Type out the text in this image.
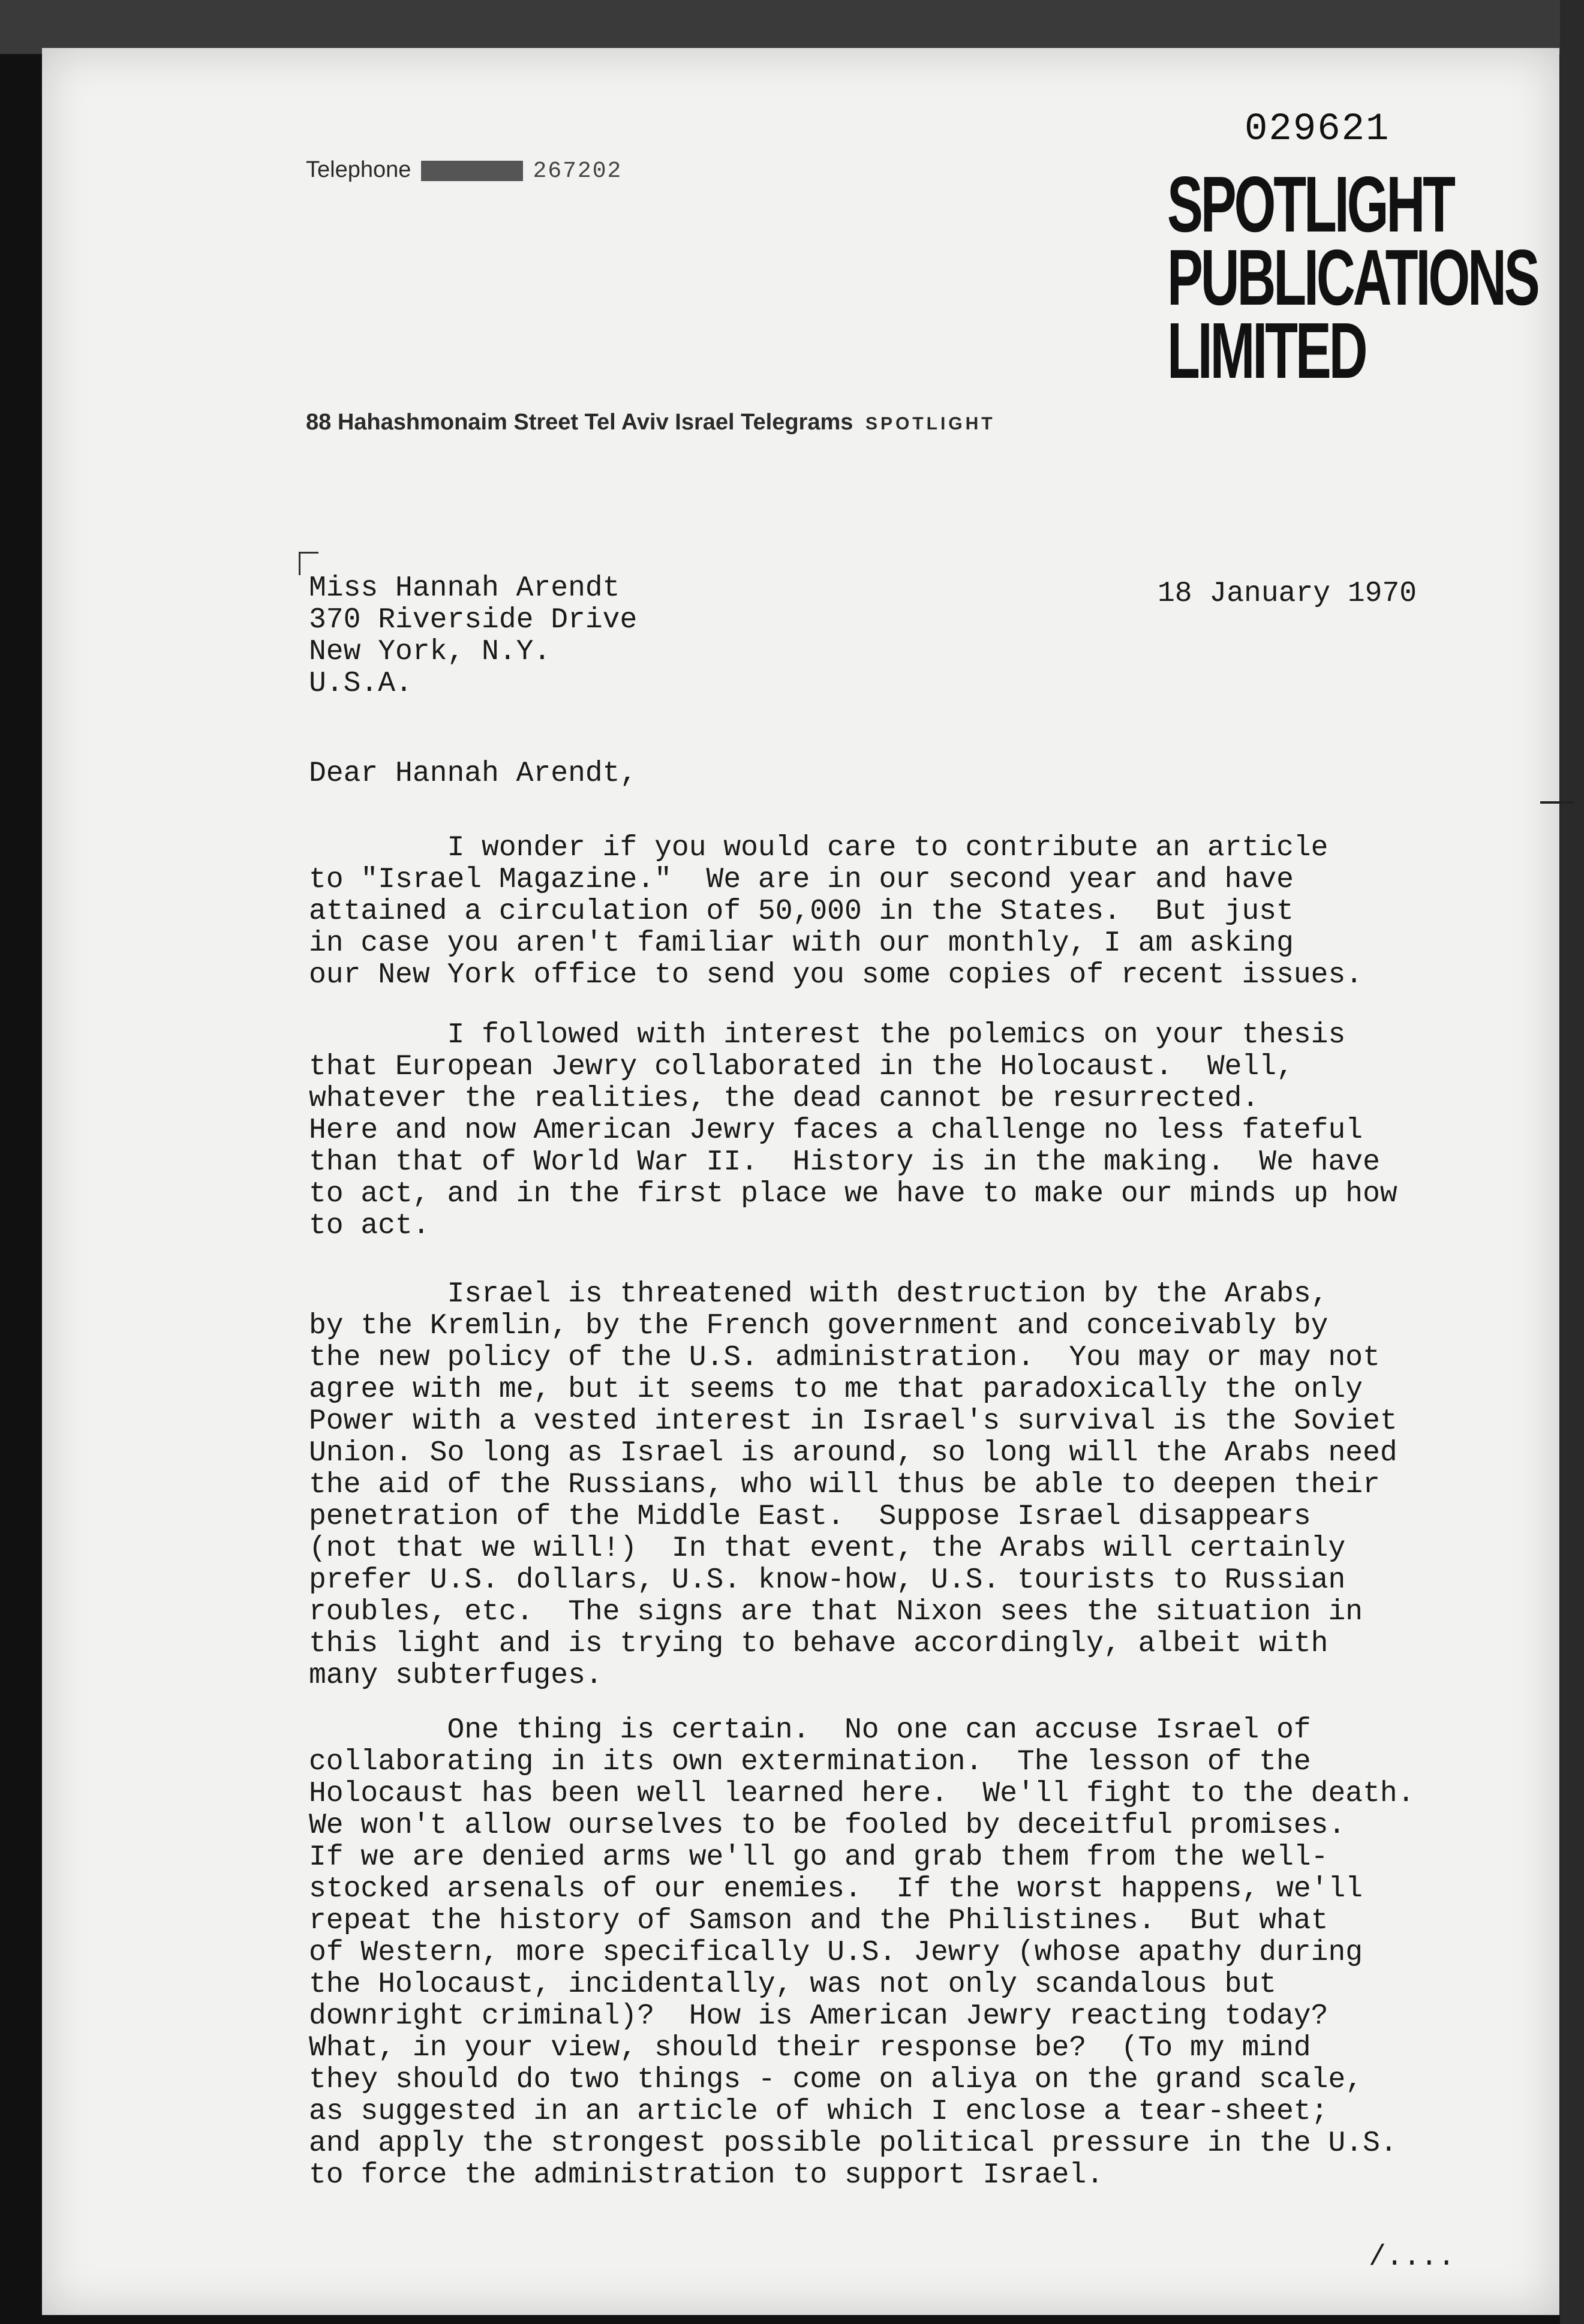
Telephone	267202
029621
SPOTLIGHT
PUBLICATIONS
LIMITED
88 Hahashmonaim Street Tel Aviv Israel Telegrams SPOTLIGHT
Miss Hannah Arendt
370 Riverside Drive
New York, N.Y.
U.S.A.
18 January 1970
Dear Hannah Arendt,
I wonder if you would care to contribute an article
to "Israel Magazine."  We are in our second year and have
attained a circulation of 50,000 in the States.  But just
in case you aren't familiar with our monthly, I am asking
our New York office to send you some copies of recent issues.
I followed with interest the polemics on your thesis
that European Jewry collaborated in the Holocaust.  Well,
whatever the realities, the dead cannot be resurrected.
Here and now American Jewry faces a challenge no less fateful
than that of World War II.  History is in the making.  We have
to act, and in the first place we have to make our minds up how
to act.
Israel is threatened with destruction by the Arabs,
by the Kremlin, by the French government and conceivably by
the new policy of the U.S. administration.  You may or may not
agree with me, but it seems to me that paradoxically the only
Power with a vested interest in Israel's survival is the Soviet
Union. So long as Israel is around, so long will the Arabs need
the aid of the Russians, who will thus be able to deepen their
penetration of the Middle East.  Suppose Israel disappears
(not that we will!)  In that event, the Arabs will certainly
prefer U.S. dollars, U.S. know-how, U.S. tourists to Russian
roubles, etc.  The signs are that Nixon sees the situation in
this light and is trying to behave accordingly, albeit with
many subterfuges.
One thing is certain.  No one can accuse Israel of
collaborating in its own extermination.  The lesson of the
Holocaust has been well learned here.  We'll fight to the death.
We won't allow ourselves to be fooled by deceitful promises.
If we are denied arms we'll go and grab them from the well-
stocked arsenals of our enemies.  If the worst happens, we'll
repeat the history of Samson and the Philistines.  But what
of Western, more specifically U.S. Jewry (whose apathy during
the Holocaust, incidentally, was not only scandalous but
downright criminal)?  How is American Jewry reacting today?
What, in your view, should their response be?  (To my mind
they should do two things - come on aliya on the grand scale,
as suggested in an article of which I enclose a tear-sheet;
and apply the strongest possible political pressure in the U.S.
to force the administration to support Israel.
/....
